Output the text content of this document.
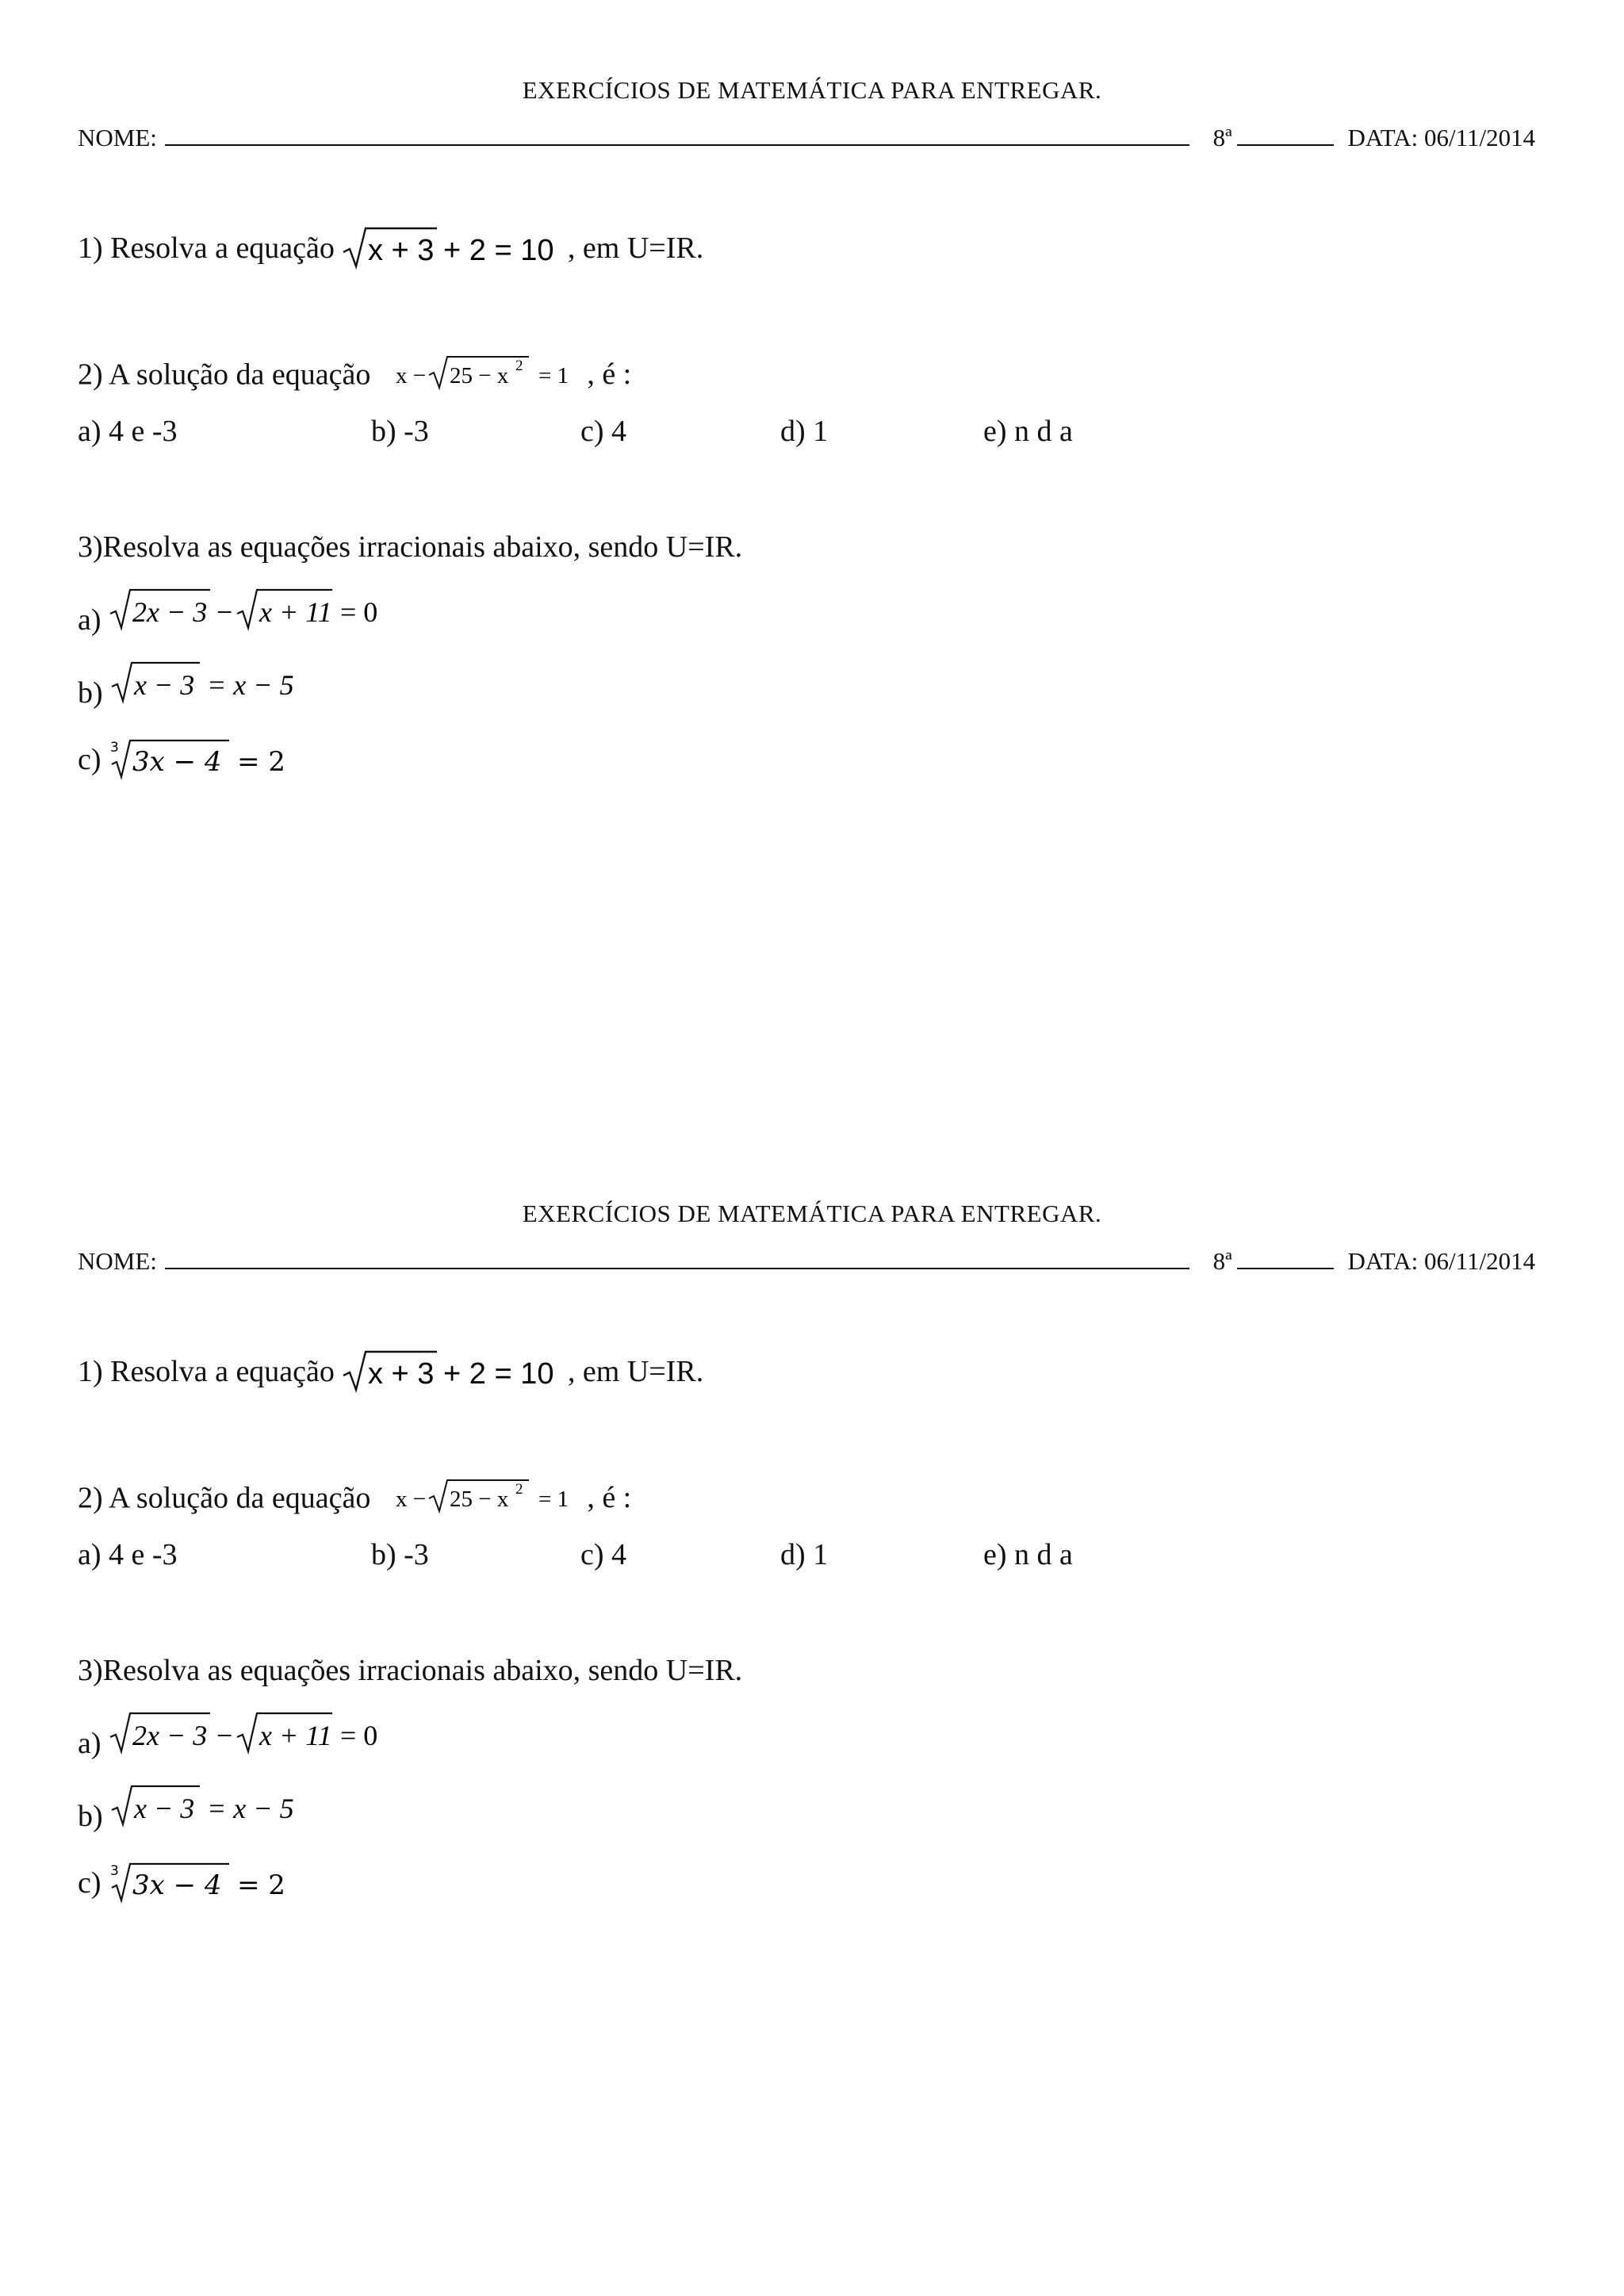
EXERCÍCIOS DE MATEMÁTICA PARA ENTREGAR.
NOME:	8ª	DATA: 06/11/2014
1) Resolva a equação x + 3 + 2 = 10 , em U=IR.
2) A solução da equação x − 25 − x 2 = 1 , é :
a) 4 e -3	b) -3	c) 4	d) 1	e) n d a
3)Resolva as equações irracionais abaixo, sendo U=IR.
a) 2x − 3 − x + 11 = 0
b) x − 3 = x − 5
c) 3 3x − 4 = 2
EXERCÍCIOS DE MATEMÁTICA PARA ENTREGAR.
NOME:	8ª	DATA: 06/11/2014
1) Resolva a equação x + 3 + 2 = 10 , em U=IR.
2) A solução da equação x − 25 − x 2 = 1 , é :
a) 4 e -3	b) -3	c) 4	d) 1	e) n d a
3)Resolva as equações irracionais abaixo, sendo U=IR.
a) 2x − 3 − x + 11 = 0
b) x − 3 = x − 5
c) 3 3x − 4 = 2
